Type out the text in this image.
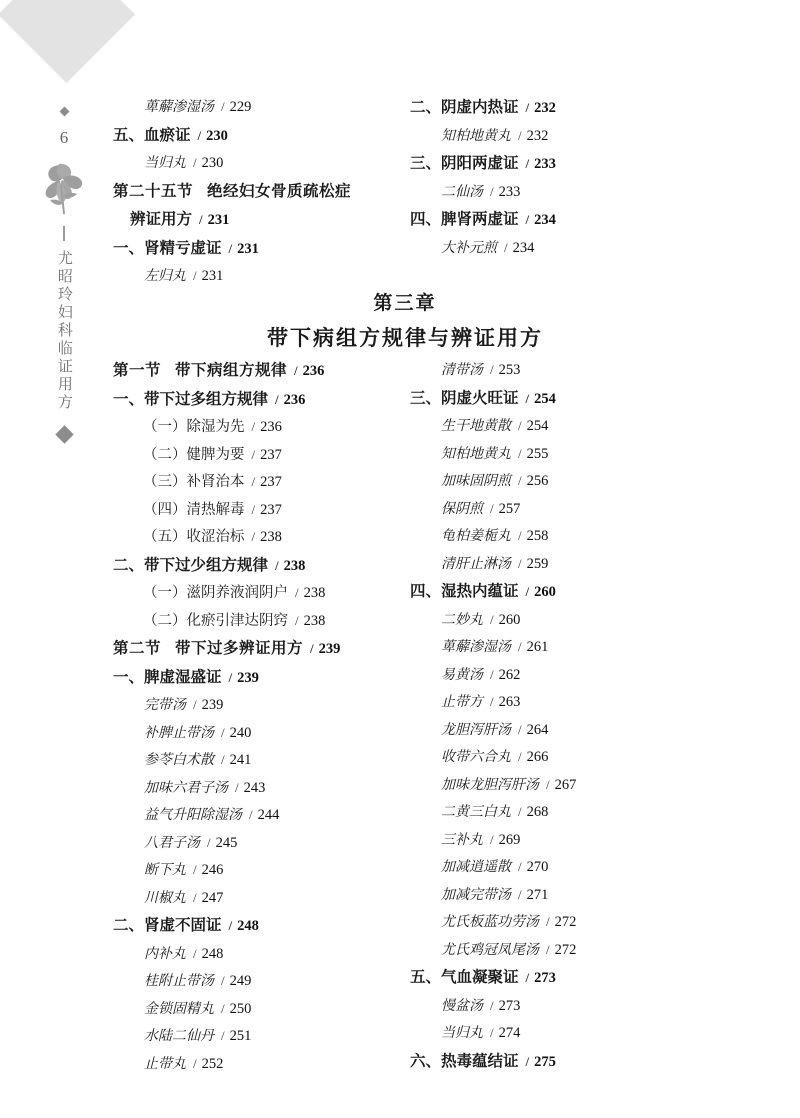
6
尤昭玲妇科临证用方
萆薢渗湿汤 / 229
五、血瘀证 / 230
当归丸 / 230
第二十五节 绝经妇女骨质疏松症
辨证用方 / 231
一、肾精亏虚证 / 231
左归丸 / 231
二、阴虚内热证 / 232
知柏地黄丸 / 232
三、阴阳两虚证 / 233
二仙汤 / 233
四、脾肾两虚证 / 234
大补元煎 / 234
第三章
带下病组方规律与辨证用方
第一节 带下病组方规律 / 236
一、带下过多组方规律 / 236
（一）除湿为先 / 236
（二）健脾为要 / 237
（三）补肾治本 / 237
（四）清热解毒 / 237
（五）收涩治标 / 238
二、带下过少组方规律 / 238
（一）滋阴养液润阴户 / 238
（二）化瘀引津达阴窍 / 238
第二节 带下过多辨证用方 / 239
一、脾虚湿盛证 / 239
完带汤 / 239
补脾止带汤 / 240
参苓白术散 / 241
加味六君子汤 / 243
益气升阳除湿汤 / 244
八君子汤 / 245
断下丸 / 246
川椒丸 / 247
二、肾虚不固证 / 248
内补丸 / 248
桂附止带汤 / 249
金锁固精丸 / 250
水陆二仙丹 / 251
止带丸 / 252
清带汤 / 253
三、阴虚火旺证 / 254
生干地黄散 / 254
知柏地黄丸 / 255
加味固阴煎 / 256
保阴煎 / 257
龟柏姜栀丸 / 258
清肝止淋汤 / 259
四、湿热内蕴证 / 260
二妙丸 / 260
萆薢渗湿汤 / 261
易黄汤 / 262
止带方 / 263
龙胆泻肝汤 / 264
收带六合丸 / 266
加味龙胆泻肝汤 / 267
二黄三白丸 / 268
三补丸 / 269
加减逍遥散 / 270
加减完带汤 / 271
尤氏板蓝功劳汤 / 272
尤氏鸡冠凤尾汤 / 272
五、气血凝聚证 / 273
慢盆汤 / 273
当归丸 / 274
六、热毒蕴结证 / 275
